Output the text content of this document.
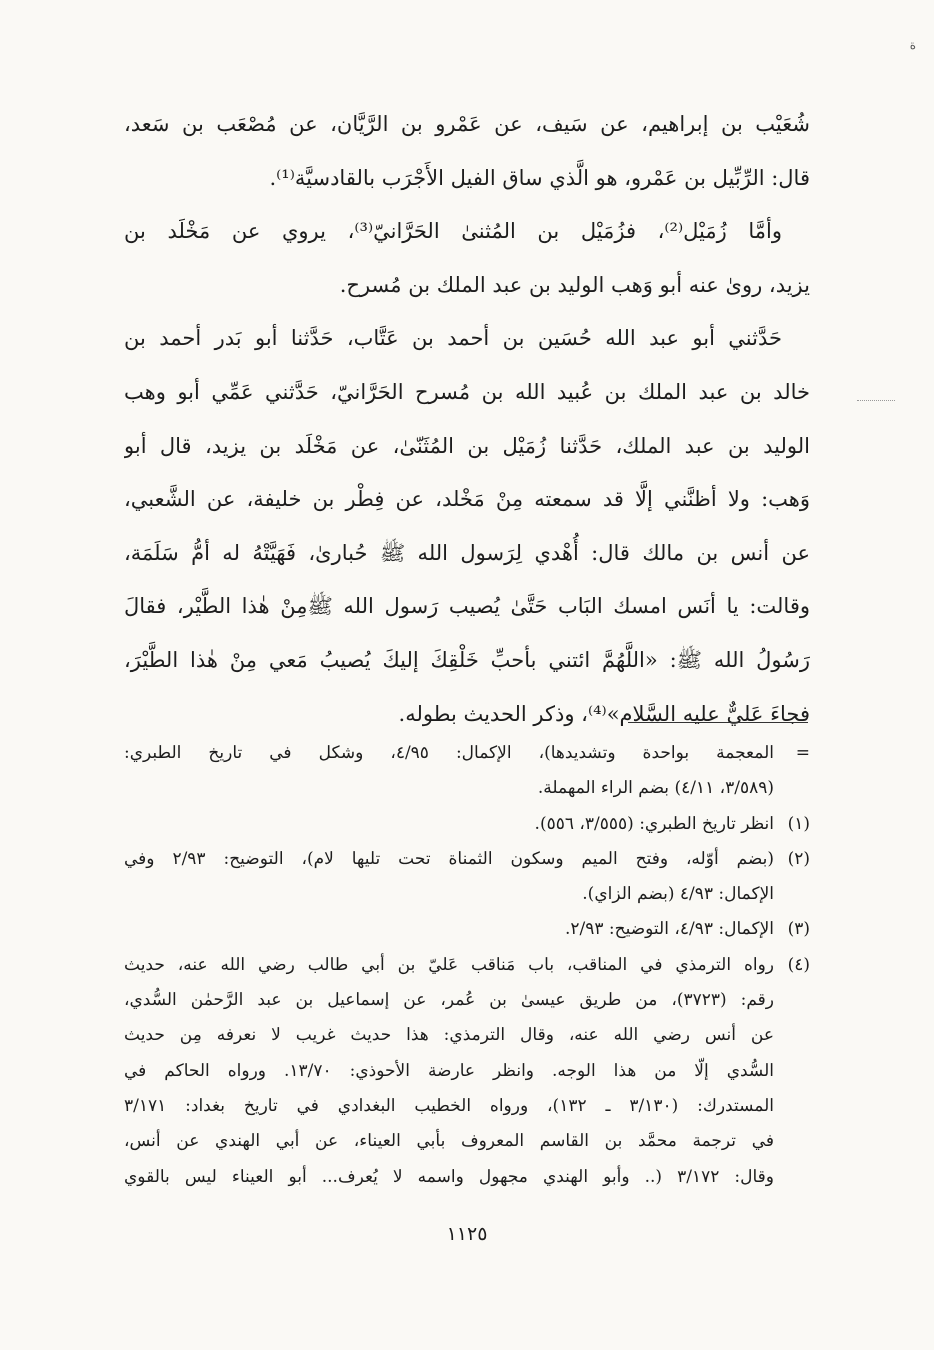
ة

شُعَيْب بن إبراهيم، عن سَيف، عن عَمْرو بن الرَّيَّان، عن مُصْعَب بن سَعد،
قال: الرِّبِّيل بن عَمْرو، هو الَّذي ساق الفيل الأَجْرَب بالقادسيَّة⁽¹⁾.

وأمَّا زُمَيْل⁽²⁾، فزُمَيْل بن المُثنىٰ الحَرَّانيّ⁽³⁾، يروي عن مَخْلَد بن
يزيد، روىٰ عنه أبو وَهب الوليد بن عبد الملك بن مُسرح.

حَدَّثني أبو عبد الله حُسَين بن أحمد بن عَتَّاب، حَدَّثنا أبو بَدر أحمد بن
خالد بن عبد الملك بن عُبيد الله بن مُسرح الحَرَّانيّ، حَدَّثني عَمِّي أبو وهب
الوليد بن عبد الملك، حَدَّثنا زُمَيْل بن المُثَنّىٰ، عن مَخْلَد بن يزيد، قال أبو
وَهب: ولا أظنَّني إلَّا قد سمعته مِنْ مَخْلد، عن فِطْر بن خليفة، عن الشَّعبي،
عن أنس بن مالك قال: أُهْدي لِرَسول الله ﷺ حُبارىٰ، فَهَيَّتْهُ له أمُّ سَلَمَة،
وقالت: يا أنَس امسك البَاب حَتَّىٰ يُصيب رَسول الله ﷺمِنْ هٰذا الطَّيْر، فقالَ
رَسُولُ الله ﷺ: «اللَّهُمَّ ائتني بأحبِّ خَلْقِكَ إليكَ يُصيبُ مَعي مِنْ هٰذا الطَّيْرَ،
فجاءَ عَليٌّ عليه السَّلام»⁽⁴⁾، وذكر الحديث بطوله.

=
المعجمة بواحدة وتشديدها)، الإكمال: ٤/٩٥، وشكل في تاريخ الطبري:
(٣/٥٨٩، ٤/١١) بضم الراء المهملة.
(١)
انظر تاريخ الطبري: (٣/٥٥٥، ٥٥٦).
(٢)
(بضم أوّله، وفتح الميم وسكون الثمناة تحت تليها لام)، التوضيح: ٢/٩٣ وفي
الإكمال: ٤/٩٣ (بضم الزاي).
(٣)
الإكمال: ٤/٩٣، التوضيح: ٢/٩٣.
(٤)
رواه الترمذي في المناقب، باب مَناقب عَليّ بن أبي طالب رضي الله عنه، حديث
رقم: (٣٧٢٣)، من طريق عيسىٰ بن عُمر، عن إسماعيل بن عبد الرَّحمٰن السُّدي،
عن أنس رضي الله عنه، وقال الترمذي: هذا حديث غريب لا نعرفه مِن حديث
السُّدي إلّا من هذا الوجه. وانظر عارضة الأحوذي: ١٣/٧٠. ورواه الحاكم في
المستدرك: (٣/١٣٠ ـ ١٣٢)، ورواه الخطيب البغدادي في تاريخ بغداد: ٣/١٧١
في ترجمة محمَّد بن القاسم المعروف بأبي العيناء، عن أبي الهندي عن أنس،
وقال: ٣/١٧٢ (.. وأبو الهندي مجهول واسمه لا يُعرف... أبو العيناء ليس بالقوي
١١٢٥
